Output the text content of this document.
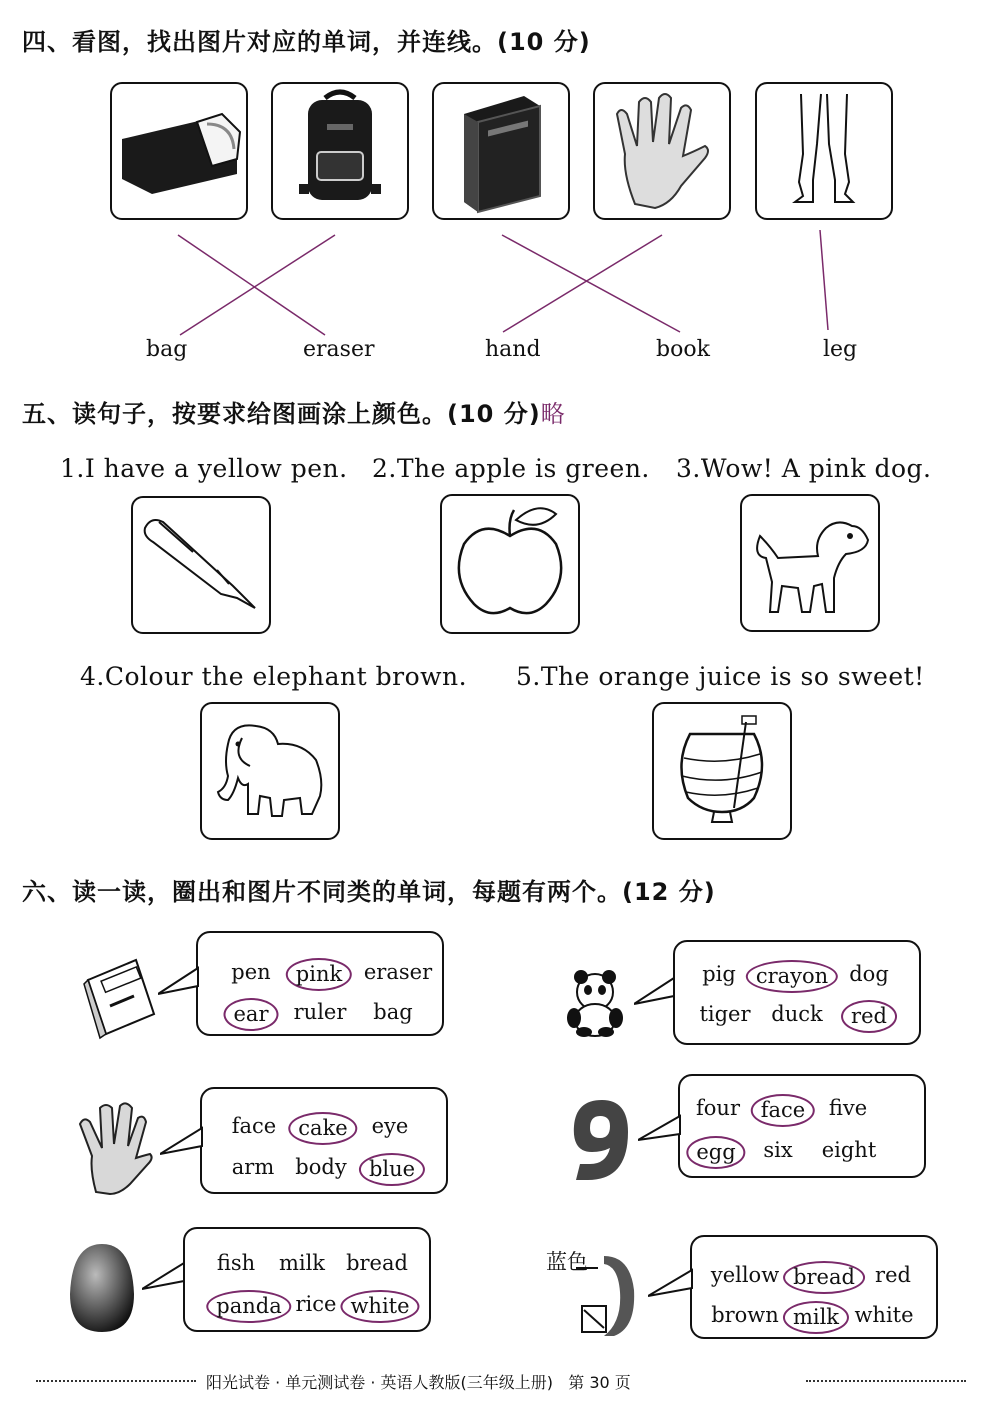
四、看图，找出图片对应的单词，并连线。(10 分)
bag	eraser	hand	book	leg
五、读句子，按要求给图画涂上颜色。(10 分)略
1.I have a yellow pen. 2.The apple is green. 3.Wow! A pink dog.
4.Colour the elephant brown. 5.The orange juice is so sweet!
六、读一读，圈出和图片不同类的单词，每题有两个。(12 分)
pen	pink	eraser
ear	ruler bag
pig crayon	dog
tiger duck	red
face	cake	eye
arm body	blue
four face	five
egg	six eight
fish milk bread
panda rice white
蓝色
yellow bread red
brown milk white
阳光试卷 · 单元测试卷 · 英语人教版(三年级上册)   第 30 页
